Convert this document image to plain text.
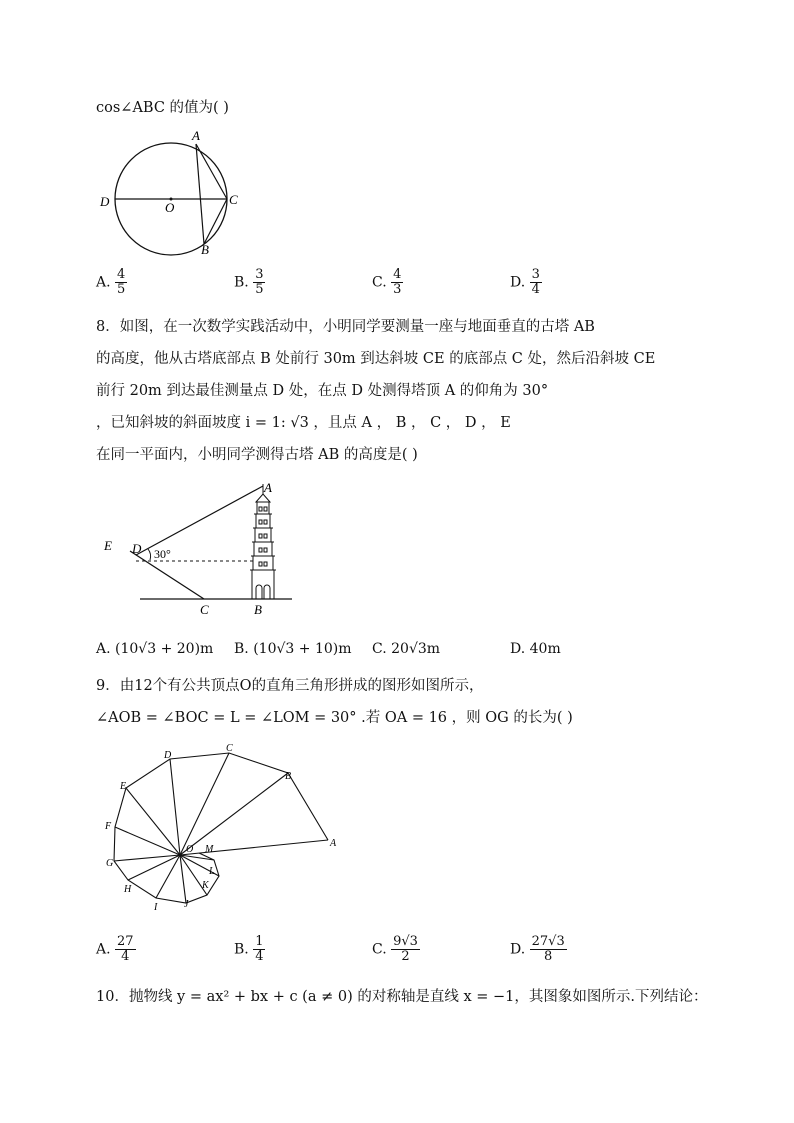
cos∠ABC 的值为( )
A
D	O
C
B
A. $\frac{4}{5}$	B. $\frac{3}{5}$	C. $\frac{4}{3}$	D. $\frac{3}{4}$
8．如图，在一次数学实践活动中，小明同学要测量一座与地面垂直的古塔 AB
的高度，他从古塔底部点 B 处前行 30m 到达斜坡 CE 的底部点 C 处，然后沿斜坡 CE
前行 20m 到达最佳测量点 D 处，在点 D 处测得塔顶 A 的仰角为 30°
，已知斜坡的斜面坡度 i = 1: √3 ，且点 A ， B ， C ， D ， E
在同一平面内，小明同学测得古塔 AB 的高度是( )
A
E D 30°
C	B
A. (10√3 + 20)m B. (10√3 + 10)m C. 20√3m	D. 40m
9．由12个有公共顶点O的直角三角形拼成的图形如图所示，
∠AOB = ∠BOC = L = ∠LOM = 30° .若 OA = 16 ，则 OG 的长为( )
A
B
C
D
E
F
G
H
I	J
K
L
M
O
A. $\frac{27}{4}$	B. $\frac{1}{4}$	C. $\frac{9√3}{2}$	D. $\frac{27√3}{8}$
10．抛物线 y = ax² + bx + c (a ≠ 0) 的对称轴是直线 x = −1，其图象如图所示.下列结论：
